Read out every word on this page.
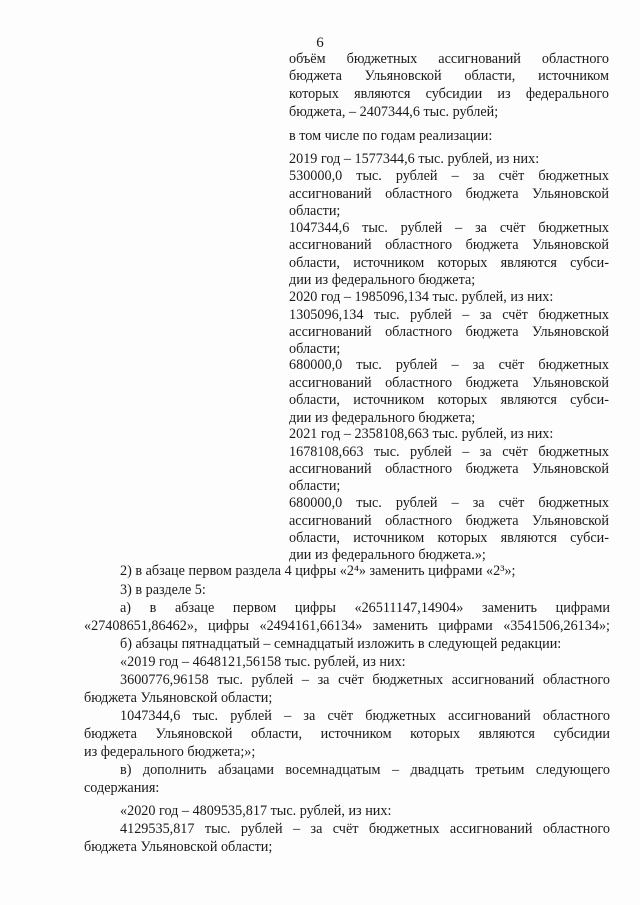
6
объём бюджетных ассигнований областного
бюджета Ульяновской области, источником
которых являются субсидии из федерального
бюджета, – 2407344,6 тыс. рублей;
в том числе по годам реализации:
2019 год – 1577344,6 тыс. рублей, из них:
530000,0 тыс. рублей – за счёт бюджетных
ассигнований областного бюджета Ульяновской
области;
1047344,6 тыс. рублей – за счёт бюджетных
ассигнований областного бюджета Ульяновской
области, источником которых являются субси-
дии из федерального бюджета;
2020 год – 1985096,134 тыс. рублей, из них:
1305096,134 тыс. рублей – за счёт бюджетных
ассигнований областного бюджета Ульяновской
области;
680000,0 тыс. рублей – за счёт бюджетных
ассигнований областного бюджета Ульяновской
области, источником которых являются субси-
дии из федерального бюджета;
2021 год – 2358108,663 тыс. рублей, из них:
1678108,663 тыс. рублей – за счёт бюджетных
ассигнований областного бюджета Ульяновской
области;
680000,0 тыс. рублей – за счёт бюджетных
ассигнований областного бюджета Ульяновской
области, источником которых являются субси-
дии из федерального бюджета.»;
2) в абзаце первом раздела 4 цифры «2⁴» заменить цифрами «2³»;
3) в разделе 5:
а) в абзаце первом цифры «26511147,14904» заменить цифрами
«27408651,86462», цифры «2494161,66134» заменить цифрами «3541506,26134»;
б) абзацы пятнадцатый – семнадцатый изложить в следующей редакции:
«2019 год – 4648121,56158 тыс. рублей, из них:
3600776,96158 тыс. рублей – за счёт бюджетных ассигнований областного
бюджета Ульяновской области;
1047344,6 тыс. рублей – за счёт бюджетных ассигнований областного
бюджета Ульяновской области, источником которых являются субсидии
из федерального бюджета;»;
в) дополнить абзацами восемнадцатым – двадцать третьим следующего
содержания:
«2020 год – 4809535,817 тыс. рублей, из них:
4129535,817 тыс. рублей – за счёт бюджетных ассигнований областного
бюджета Ульяновской области;
